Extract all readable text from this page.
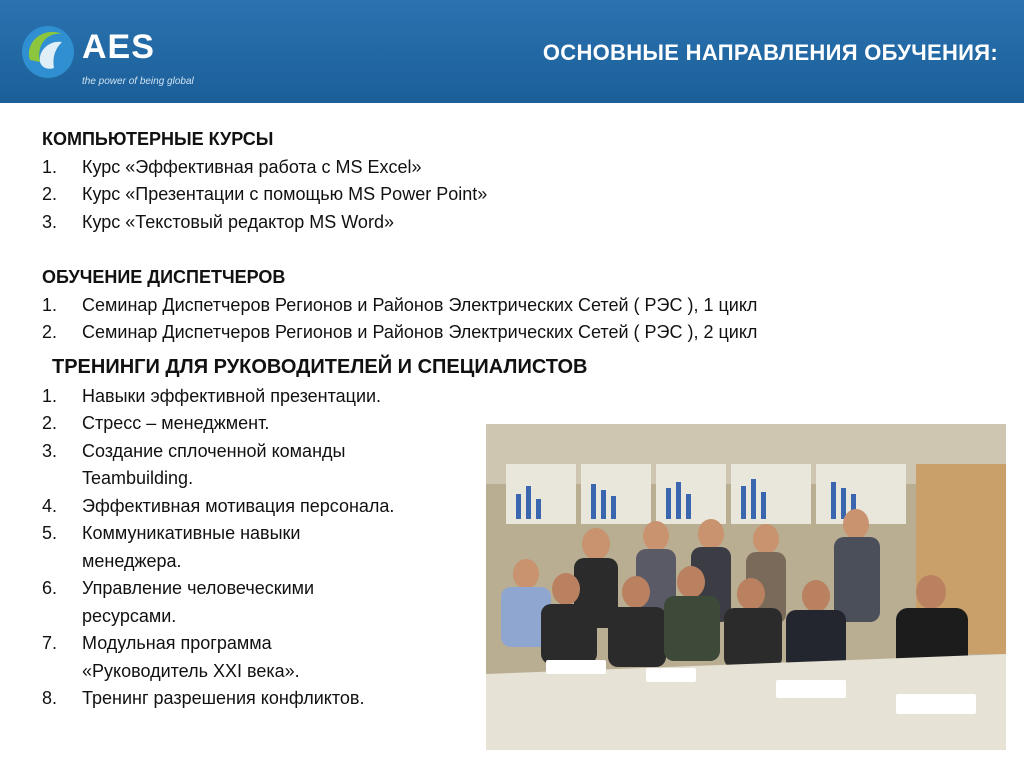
AES
the power of being global
ОСНОВНЫЕ НАПРАВЛЕНИЯ ОБУЧЕНИЯ:
КОМПЬЮТЕРНЫЕ КУРСЫ
1. Курс «Эффективная работа с MS Excel»
2. Курс «Презентации с помощью MS Power Point»
3. Курс «Текстовый редактор MS Word»
ОБУЧЕНИЕ ДИСПЕТЧЕРОВ
1. Семинар Диспетчеров Регионов и Районов Электрических Сетей ( РЭС ), 1 цикл
2. Семинар Диспетчеров Регионов и Районов Электрических Сетей ( РЭС ), 2 цикл
ТРЕНИНГИ ДЛЯ РУКОВОДИТЕЛЕЙ И СПЕЦИАЛИСТОВ
1. Навыки эффективной презентации.
2. Стресс – менеджмент.
3. Создание сплоченной команды Teambuilding.
4. Эффективная мотивация персонала.
5. Коммуникативные навыки менеджера.
6. Управление человеческими ресурсами.
7. Модульная программа «Руководитель XXI века».
8. Тренинг разрешения конфликтов.
